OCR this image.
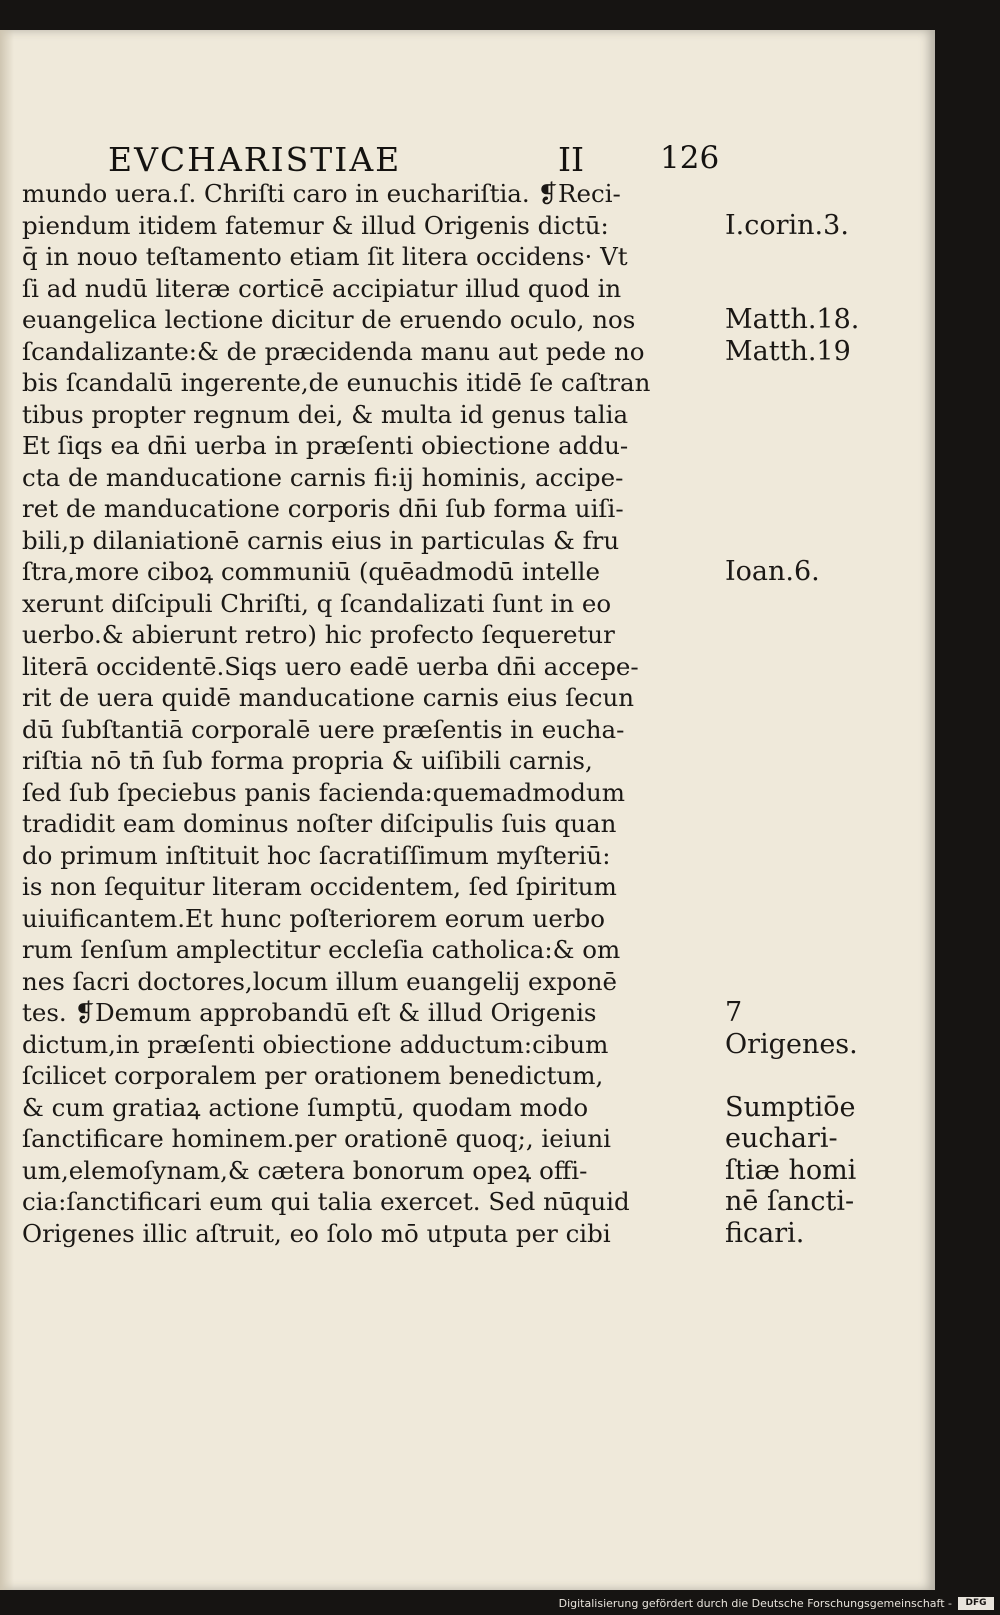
EVCHARISTIAE	II 126
mundo uera.ſ. Chriſti caro in euchariſtia. ❡Reci-
piendum itidem fatemur & illud Origenis dictū:
q̄ in nouo teſtamento etiam ſit litera occidens· Vt
ſi ad nudū literæ corticē accipiatur illud quod in
euangelica lectione dicitur de eruendo oculo, nos
ſcandalizante:& de præcidenda manu aut pede no
bis ſcandalū ingerente,de eunuchis itidē ſe caſtran
tibus propter regnum dei, & multa id genus talia
Et ſiqs ea dn̄i uerba in præſenti obiectione addu-
cta de manducatione carnis fi:ij hominis, accipe-
ret de manducatione corporis dn̄i ſub forma uiſi-
bili,p dilaniationē carnis eius in particulas & fru
ſtra,more ciboꝝ communiū (quēadmodū intelle
xerunt diſcipuli Chriſti, q ſcandalizati ſunt in eo
uerbo.& abierunt retro) hic profecto ſequeretur
literā occidentē.Siqs uero eadē uerba dn̄i accepe-
rit de uera quidē manducatione carnis eius ſecun
dū ſubſtantiā corporalē uere præſentis in eucha-
riſtia nō tn̄ ſub forma propria & uiſibili carnis,
ſed ſub ſpeciebus panis facienda:quemadmodum
tradidit eam dominus noſter diſcipulis ſuis quan
do primum inſtituit hoc ſacratiſſimum myſteriū:
is non ſequitur literam occidentem, ſed ſpiritum
uiuificantem.Et hunc poſteriorem eorum uerbo
rum ſenſum amplectitur eccleſia catholica:& om
nes ſacri doctores,locum illum euangelij exponē
tes. ❡Demum approbandū eſt & illud Origenis
dictum,in præſenti obiectione adductum:cibum
ſcilicet corporalem per orationem benedictum,
& cum gratiaꝝ actione ſumptū, quodam modo
ſanctificare hominem.per orationē quoq;, ieiuni
um,elemoſynam,& cætera bonorum opeꝝ offi-
cia:ſanctificari eum qui talia exercet. Sed nūquid
Origenes illic aſtruit, eo ſolo mō utputa per cibi
I.corin.3.
Matth.18.
Matth.19
Ioan.6.
7
Origenes.
Sumptiōe
euchari-
ſtiæ homi
nē ſancti-
ficari.
Digitalisierung gefördert durch die Deutsche Forschungsgemeinschaft -	DFG
